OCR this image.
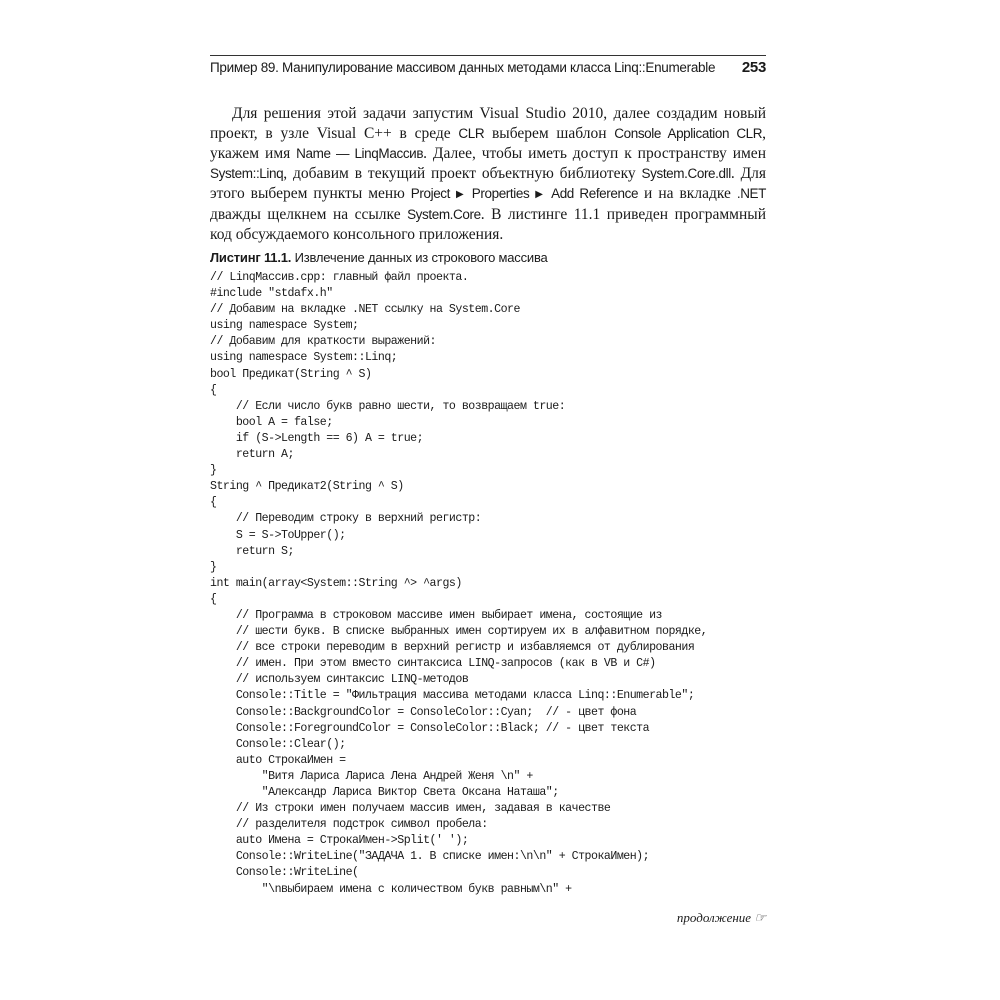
Пример 89. Манипулирование массивом данных методами класса Linq::Enumerable 253

Для решения этой задачи запустим Visual Studio 2010, далее создадим новый проект, в узле Visual C++ в среде CLR выберем шаблон Console Application CLR, укажем имя Name — LinqМассив. Далее, чтобы иметь доступ к пространству имен System::Linq, добавим в текущий проект объектную библиотеку System.Core.dll. Для этого выберем пункты меню Project ▶ Properties ▶ Add Reference и на вкладке .NET дважды щелкнем на ссылке System.Core. В листинге 11.1 приведен программный код обсуждаемого консольного приложения.

Листинг 11.1. Извлечение данных из строкового массива
// LinqМассив.cpp: главный файл проекта.
#include "stdafx.h"
// Добавим на вкладке .NET ссылку на System.Core
using namespace System;
// Добавим для краткости выражений:
using namespace System::Linq;
bool Предикат(String ^ S)
{
// Если число букв равно шести, то возвращаем true:
bool A = false;
if (S->Length == 6) A = true;
return A;
}
String ^ Предикат2(String ^ S)
{
// Переводим строку в верхний регистр:
S = S->ToUpper();
return S;
}
int main(array<System::String ^> ^args)
{
// Программа в строковом массиве имен выбирает имена, состоящие из
// шести букв. В списке выбранных имен сортируем их в алфавитном порядке,
// все строки переводим в верхний регистр и избавляемся от дублирования
// имен. При этом вместо синтаксиса LINQ-запросов (как в VB и C#)
// используем синтаксис LINQ-методов
Console::Title = "Фильтрация массива методами класса Linq::Enumerable";
Console::BackgroundColor = ConsoleColor::Cyan;  // - цвет фона
Console::ForegroundColor = ConsoleColor::Black; // - цвет текста
Console::Clear();
auto СтрокаИмен =
"Витя Лариса Лариса Лена Андрей Женя \n" +
"Александр Лариса Виктор Света Оксана Наташа";
// Из строки имен получаем массив имен, задавая в качестве
// разделителя подстрок символ пробела:
auto Имена = СтрокаИмен->Split(' ');
Console::WriteLine("ЗАДАЧА 1. В списке имен:\n\n" + СтрокаИмен);
Console::WriteLine(
"\nвыбираем имена с количеством букв равным\n" +
продолжение ☞
